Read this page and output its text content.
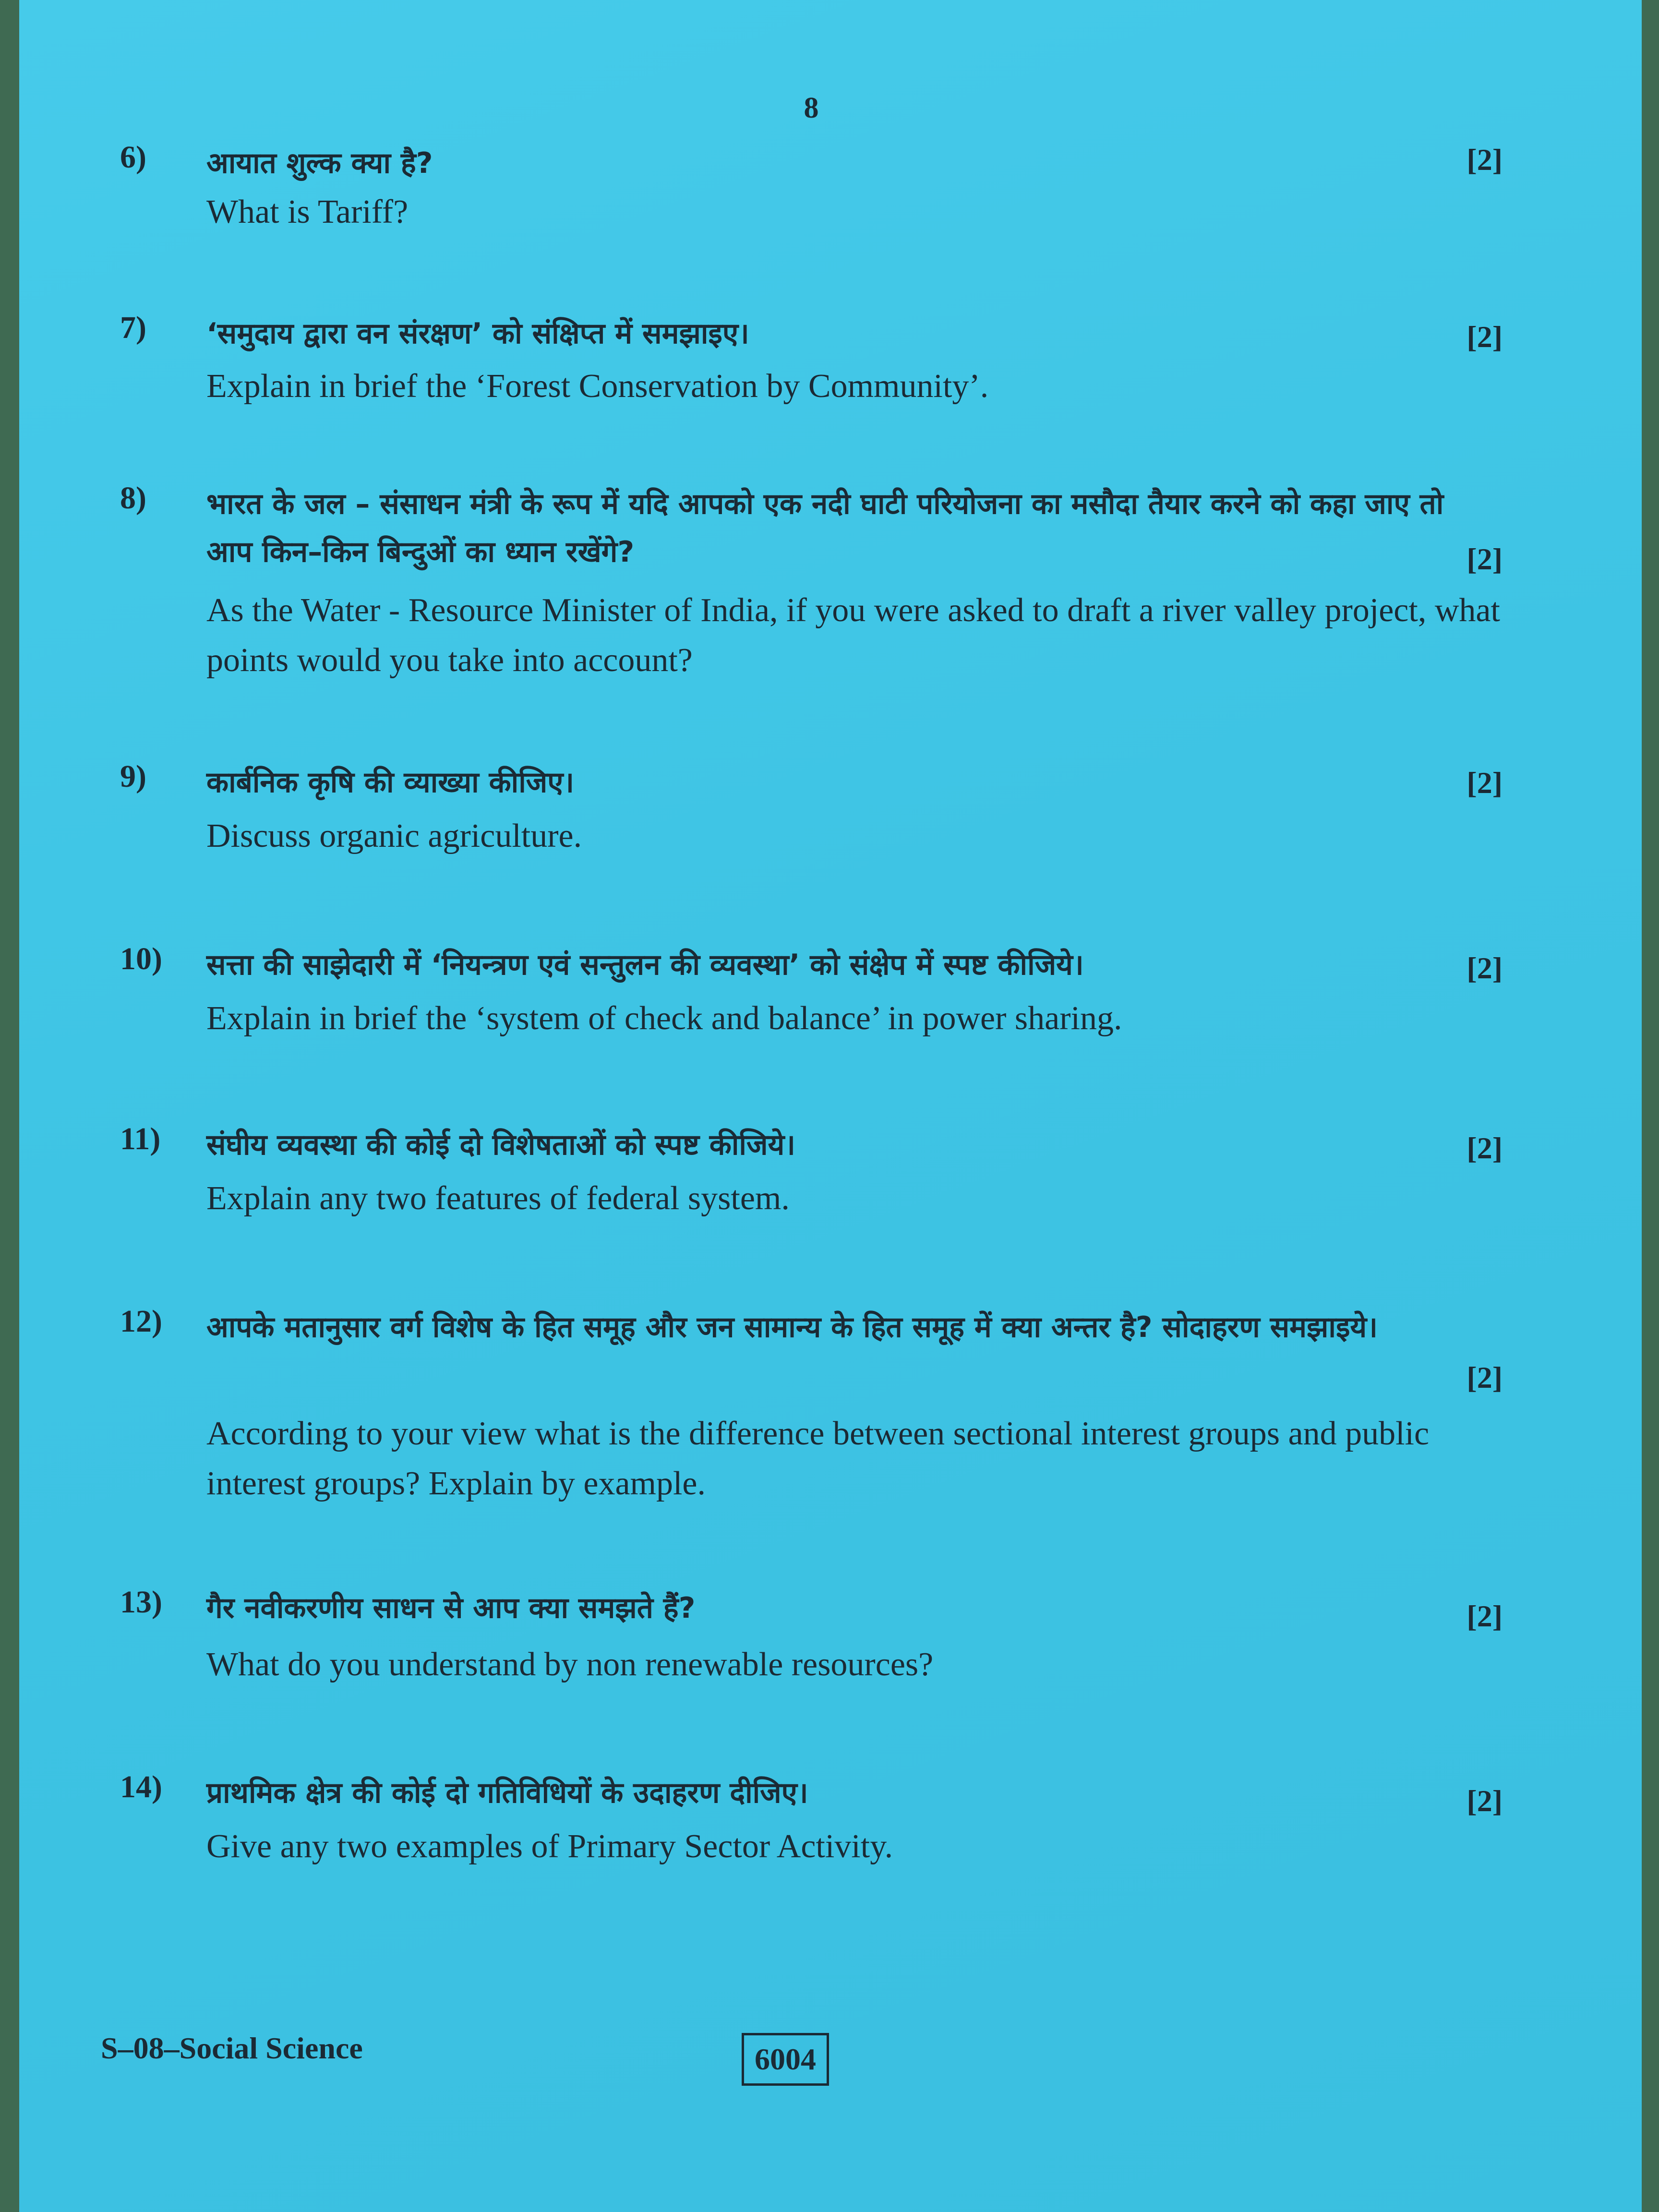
8
6) आयात शुल्क क्या है?
What is Tariff?
[2]
7) ‘समुदाय द्वारा वन संरक्षण’ को संक्षिप्त में समझाइए।
Explain in brief the ‘Forest Conservation by Community’.
[2]
8) भारत के जल – संसाधन मंत्री के रूप में यदि आपको एक नदी घाटी परियोजना का मसौदा तैयार करने को कहा जाए तो आप किन–किन बिन्दुओं का ध्यान रखेंगे?
As the Water - Resource Minister of India, if you were asked to draft a river valley project, what points would you take into account?
[2]
9) कार्बनिक कृषि की व्याख्या कीजिए।
Discuss organic agriculture.
[2]
10) सत्ता की साझेदारी में ‘नियन्त्रण एवं सन्तुलन की व्यवस्था’ को संक्षेप में स्पष्ट कीजिये।
Explain in brief the ‘system of check and balance’ in power sharing.
[2]
11) संघीय व्यवस्था की कोई दो विशेषताओं को स्पष्ट कीजिये।
Explain any two features of federal system.
[2]
12) आपके मतानुसार वर्ग विशेष के हित समूह और जन सामान्य के हित समूह में क्या अन्तर है? सोदाहरण समझाइये।
According to your view what is the difference between sectional interest groups and public interest groups? Explain by example.
[2]
13) गैर नवीकरणीय साधन से आप क्या समझते हैं?
What do you understand by non renewable resources?
[2]
14) प्राथमिक क्षेत्र की कोई दो गतिविधियों के उदाहरण दीजिए।
Give any two examples of Primary Sector Activity.
[2]
S–08–Social Science	6004
